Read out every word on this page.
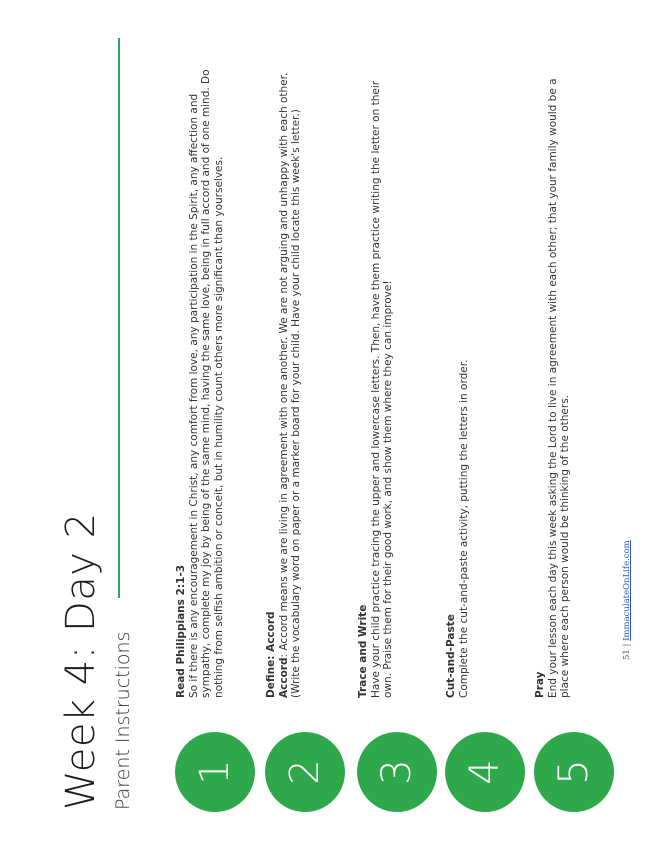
Week 4: Day 2 Parent Instructions	1
Read Philippians 2:1-3 So if there is any encouragement in Christ, any comfort from love, any participation in the Spirit, any affection and sympathy, complete my joy by being of the same mind, having the same love, being in full accord and of one mind. Do nothing from selfish ambition or conceit, but in humility count others more significant than yourselves.

2
Define: Accord Accord: Accord means we are living in agreement with one another. We are not arguing and unhappy with each other. (Write the vocabulary word on paper or a marker board for your child. Have your child locate this week's letter.)

3
Trace and Write Have your child practice tracing the upper and lowercase letters. Then, have them practice writing the letter on their own. Praise them for their good work, and show them where they can improve!

4
Cut-and-Paste Complete the cut-and-paste activity, putting the letters in order.

5
Pray End your lesson each day this week asking the Lord to live in agreement with each other; that your family would be a place where each person would be thinking of the others.	51 | ImmaculateOnLife.com
